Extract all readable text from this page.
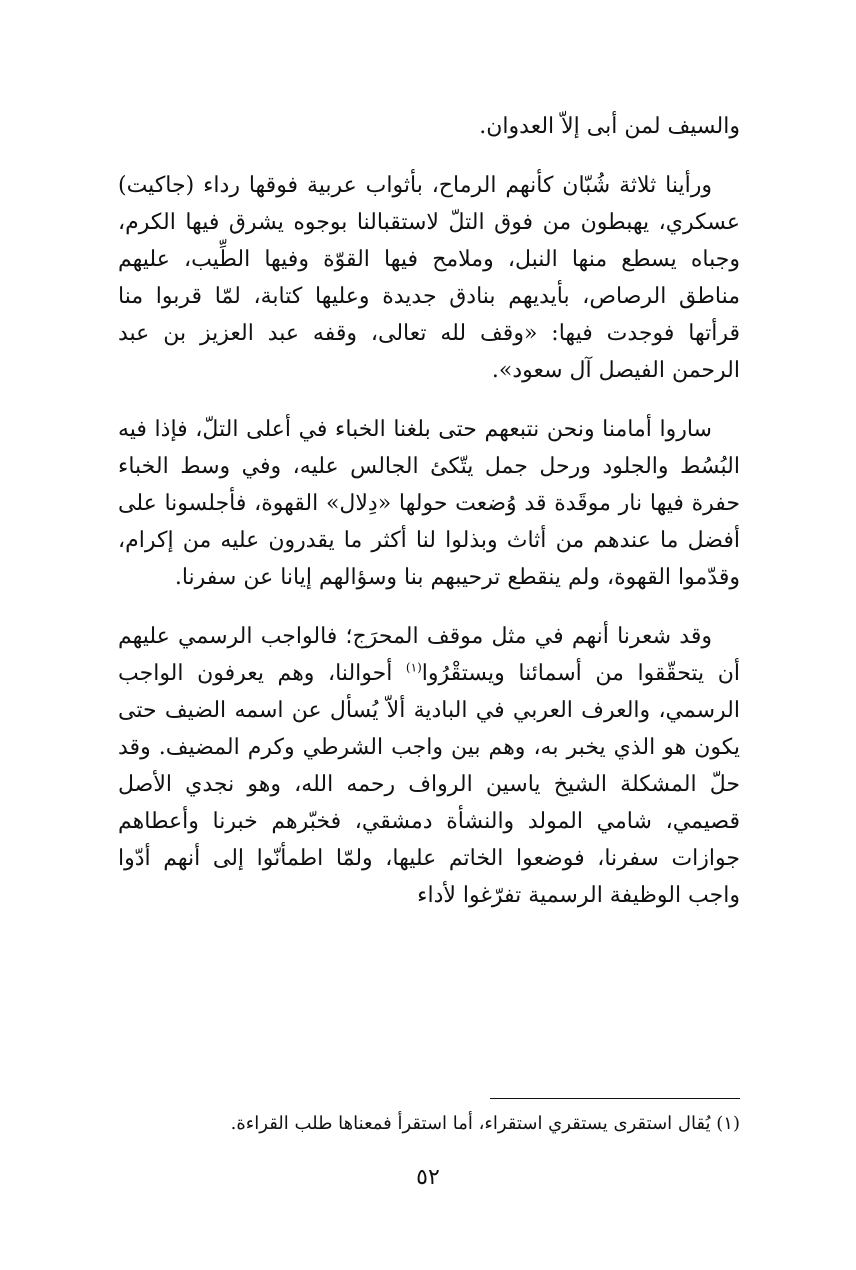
والسيف لمن أبى إلاّ العدوان.

ورأينا ثلاثة شُبّان كأنهم الرماح، بأثواب عربية فوقها رداء (جاكيت) عسكري، يهبطون من فوق التلّ لاستقبالنا بوجوه يشرق فيها الكرم، وجباه يسطع منها النبل، وملامح فيها القوّة وفيها الطِّيب، عليهم مناطق الرصاص، بأيديهم بنادق جديدة وعليها كتابة، لمّا قربوا منا قرأتها فوجدت فيها: «وقف لله تعالى، وقفه عبد العزيز بن عبد الرحمن الفيصل آل سعود».

ساروا أمامنا ونحن نتبعهم حتى بلغنا الخباء في أعلى التلّ، فإذا فيه البُسُط والجلود ورحل جمل يتّكئ الجالس عليه، وفي وسط الخباء حفرة فيها نار موقَدة قد وُضعت حولها «دِلال» القهوة، فأجلسونا على أفضل ما عندهم من أثاث وبذلوا لنا أكثر ما يقدرون عليه من إكرام، وقدّموا القهوة، ولم ينقطع ترحيبهم بنا وسؤالهم إيانا عن سفرنا.

وقد شعرنا أنهم في مثل موقف المحرَج؛ فالواجب الرسمي عليهم أن يتحقّقوا من أسمائنا ويستقْرُوا$^{(١)}$ أحوالنا، وهم يعرفون الواجب الرسمي، والعرف العربي في البادية ألاّ يُسأل عن اسمه الضيف حتى يكون هو الذي يخبر به، وهم بين واجب الشرطي وكرم المضيف. وقد حلّ المشكلة الشيخ ياسين الرواف رحمه الله، وهو نجدي الأصل قصيمي، شامي المولد والنشأة دمشقي، فخبّرهم خبرنا وأعطاهم جوازات سفرنا، فوضعوا الخاتم عليها، ولمّا اطمأنّوا إلى أنهم أدّوا واجب الوظيفة الرسمية تفرّغوا لأداء

(١) يُقال استقرى يستقري استقراء، أما استقرأ فمعناها طلب القراءة.

٥٢
